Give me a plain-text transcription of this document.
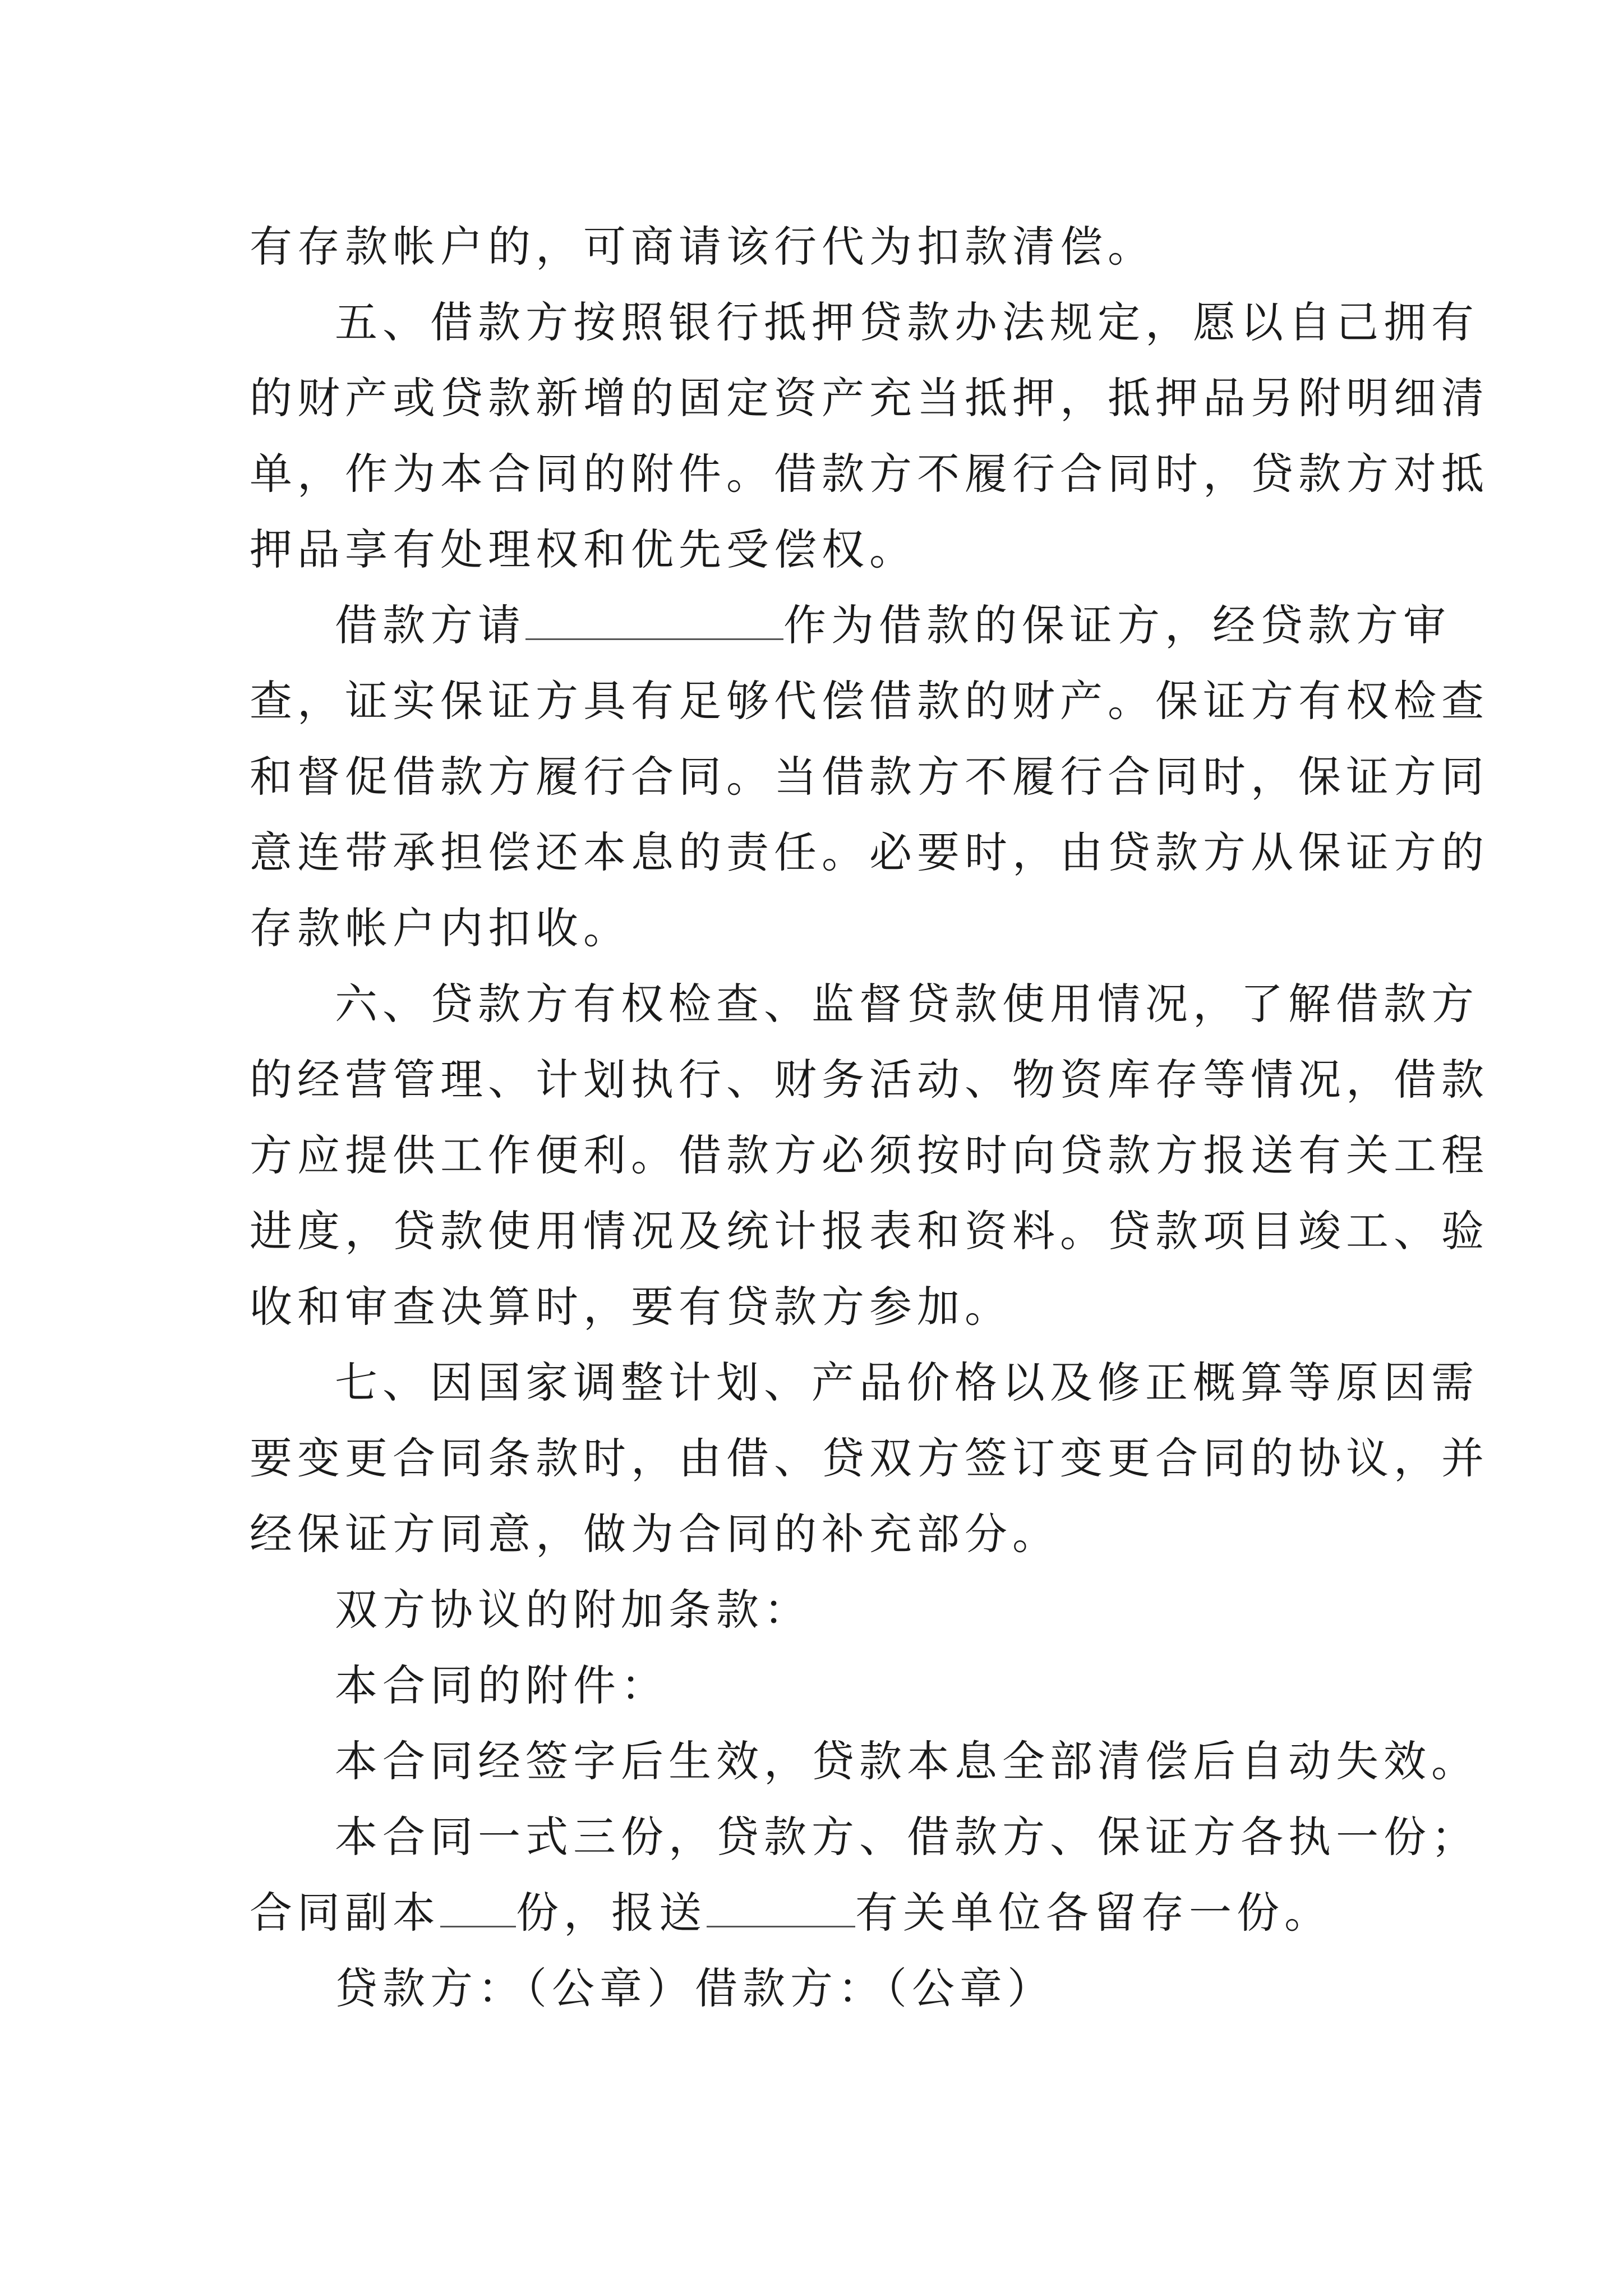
有存款帐户的，可商请该行代为扣款清偿。
五、借款方按照银行抵押贷款办法规定，愿以自己拥有
的财产或贷款新增的固定资产充当抵押，抵押品另附明细清
单，作为本合同的附件。借款方不履行合同时，贷款方对抵
押品享有处理权和优先受偿权。
借款方请	作为借款的保证方，经贷款方审
查，证实保证方具有足够代偿借款的财产。保证方有权检查
和督促借款方履行合同。当借款方不履行合同时，保证方同
意连带承担偿还本息的责任。必要时，由贷款方从保证方的
存款帐户内扣收。
六、贷款方有权检查、监督贷款使用情况，了解借款方
的经营管理、计划执行、财务活动、物资库存等情况，借款
方应提供工作便利。借款方必须按时向贷款方报送有关工程
进度，贷款使用情况及统计报表和资料。贷款项目竣工、验
收和审查决算时，要有贷款方参加。
七、因国家调整计划、产品价格以及修正概算等原因需
要变更合同条款时，由借、贷双方签订变更合同的协议，并
经保证方同意，做为合同的补充部分。
双方协议的附加条款：
本合同的附件：
本合同经签字后生效，贷款本息全部清偿后自动失效。
本合同一式三份，贷款方、借款方、保证方各执一份；
合同副本 份，报送	有关单位各留存一份。
贷款方：（公章）借款方：（公章）
